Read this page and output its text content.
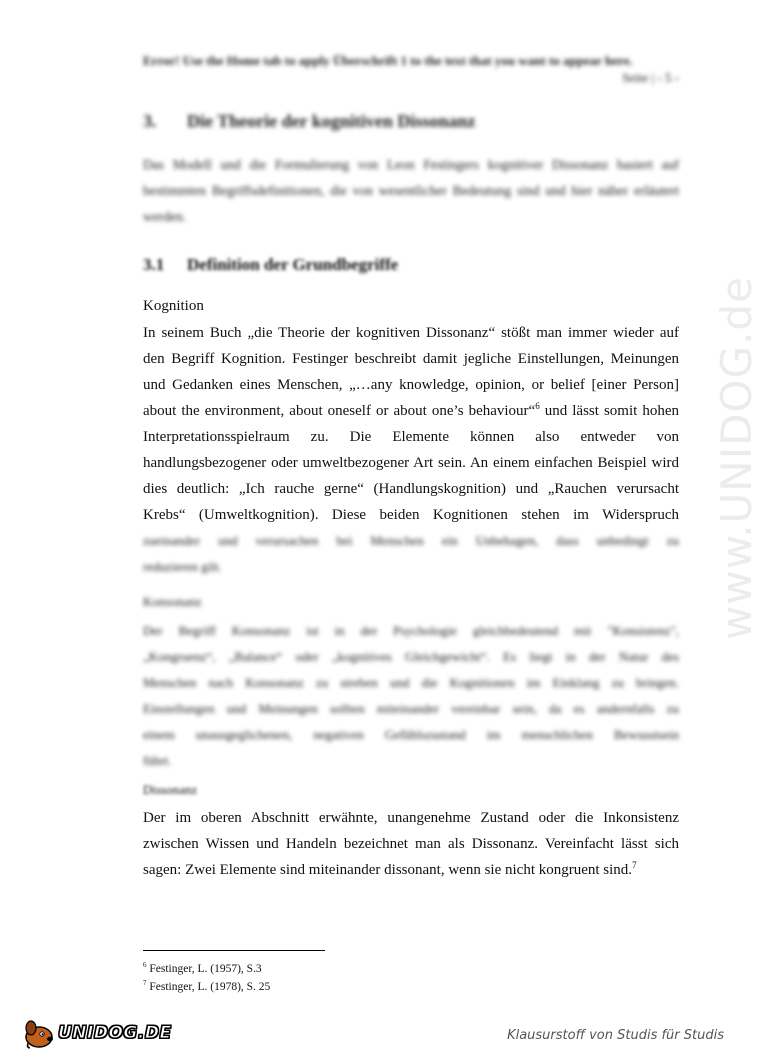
Error! Use the Home tab to apply Überschrift 1 to the text that you want to appear here.
Seite | - 5 -
3. Die Theorie der kognitiven Dissonanz
Das Modell und die Formulierung von Leon Festingers kognitiver Dissonanz basiert auf bestimmten Begriffsdefinitionen, die von wesentlicher Bedeutung sind und hier näher erläutert werden.
3.1 Definition der Grundbegriffe
Kognition
In seinem Buch „die Theorie der kognitiven Dissonanz“ stößt man immer wieder auf
den Begriff Kognition. Festinger beschreibt damit jegliche Einstellungen, Meinungen
und Gedanken eines Menschen, „…any knowledge, opinion, or belief [einer Person]
about the environment, about oneself or about one’s behaviour“$^6$ und lässt somit hohen
Interpretationsspielraum zu. Die Elemente können also entweder von
handlungsbezogener oder umweltbezogener Art sein. An einem einfachen Beispiel wird
dies deutlich: „Ich rauche gerne“ (Handlungskognition) und „Rauchen verursacht
Krebs“ (Umweltkognition). Diese beiden Kognitionen stehen im Widerspruch
zueinander und verursachen bei Menschen ein Unbehagen, dass unbedingt zu
reduzieren gilt.
Konsonanz
Der Begriff Konsonanz ist in der Psychologie gleichbedeutend mit "Konsistenz",
„Kongruenz“, „Balance“ oder „kognitives Gleichgewicht“. Es liegt in der Natur des
Menschen nach Konsonanz zu streben und die Kognitionen im Einklang zu bringen.
Einstellungen und Meinungen sollten miteinander vereinbar sein, da es andernfalls zu
einem unausgeglichenen, negativen Gefühlszustand im menschlichen Bewusstsein
führt.
Dissonanz
Der im oberen Abschnitt erwähnte, unangenehme Zustand oder die Inkonsistenz
zwischen Wissen und Handeln bezeichnet man als Dissonanz. Vereinfacht lässt sich
sagen: Zwei Elemente sind miteinander dissonant, wenn sie nicht kongruent sind.$^7$
$^6$ Festinger, L. (1957), S.3
$^7$ Festinger, L. (1978), S. 25
www.UNIDOG.de
UNIDOG.DE	Klausurstoff von Studis für Studis
